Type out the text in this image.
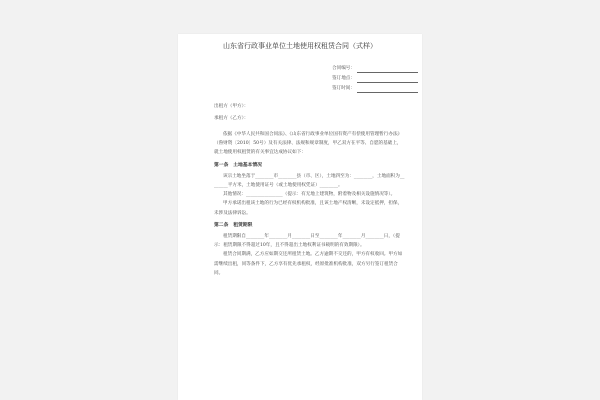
山东省行政事业单位土地使用权租赁合同（式样）
合同编号：
签订地点：
签订时间：
出租方（甲方）：
承租方（乙方）：

依据《中华人民共和国合同法》、《山东省行政事业单位国有资产有偿使用管理暂行办法》（鲁财资〔2010〕50号）及有关法律、法规和规章制度，甲乙双方在平等、自愿的基础上，就土地使用权租赁的有关事宜达成协议如下：

第一条　土地基本情况

该宗土地坐落于________市________县（市、区），土地四至为：________，土地面积为________平方米，土地使用证号（或土地使用权凭证）________。

其他情况：________________（提示：有无地上建筑物，附着物及相关设施情况等）。

甲方承诺出租该土地的行为已经有权机构批准，且该土地产权清晰，未设定抵押，担保，未涉及法律诉讼。

第二条　租赁期限

租赁期限自________年________月________日至________年________月________日，（提示：租赁期限不得超过10年，且不得超出土地权利证书载明的有效期限）。

租赁合同期满，乙方应如期交还所租赁土地。乙方逾期不交还的，甲方有权收回。甲方如需继续出租，同等条件下，乙方享有优先承租权，经原批准机构批准，双方另行签订租赁合同。
